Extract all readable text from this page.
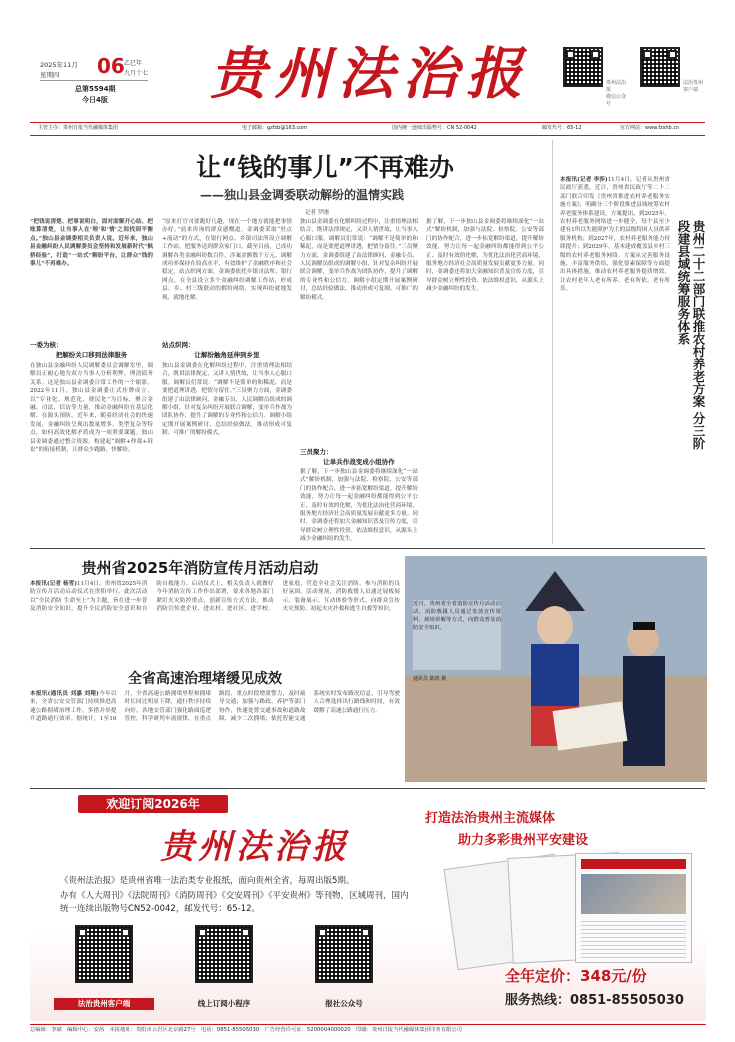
2025年11月
星期四 06 乙巳年
九月十七
总第5594期
今日4版	贵州法治报	贵州法治报
微信公众号
法治贵州
客户端
主管主办：贵州日报当代融媒体集团	电子邮箱：gzfzb@163.com	国内统一连续出版物号：CN 52-0042	邮发代号：65-12	官方网站：www.fzshb.cn
让“钱的事儿”不再难办
——独山县金调委联动解纷的温情实践
记者 罗刚
“把钱说清楚、把事说明白，面对面解开心结、把账算清楚，让当事人在‘理’和‘情’之间找到平衡点。”独山县金调委相关负责人说。近年来，独山县金融纠纷人民调解委员会坚持和发展新时代“枫桥经验”，打造“一站式”解纷平台，让群众“钱的事儿”不再难办。
一委为核：
把解纷关口移到法律服务
在独山县金融纠纷人民调解委员会调解室里，调解员正耐心地为双方当事人分析利弊、理清债务关系。这是独山县金调委日常工作的一个缩影。2022年11月，独山县金调委正式挂牌成立，以“专业化、规范化、便民化”为目标，聚合金融、司法、信访等力量，推动金融纠纷在基层化解、在源头预防。近年来，随着经济社会的快速发展，金融纠纷呈现出数量增多、类型复杂等特点，如何高效化解矛盾成为一项重要课题。独山县金调委通过整合资源，构建起“调解+仲裁+诉讼”的衔接机制，让群众少跑路、快解纷。
“原来打官司要跑好几趟，现在一个地方就能把事情办好。”前来咨询的群众感慨道。金调委采取“驻点+流动”的方式，在银行网点、乡镇司法所设立调解工作站，把服务送到群众家门口。截至目前，已成功调解各类金融纠纷数百件，涉案金额数千万元，调解成功率保持在较高水平，有效维护了金融秩序和社会稳定。站点织网方面，金调委依托乡镇司法所、银行网点，在全县设立多个金融纠纷调解工作站，形成县、乡、村三级联动的解纷网络，实现纠纷就地发现、就地化解。
站点织网：
让解纷触角延伸到乡里
独山县金调委在化解纠纷过程中，注重情理法相结合，既讲法律规定，又讲人情世故，让当事人心服口服。调解员们常说：“调解不是简单的和稀泥，而是要把道理讲透，把情分留住。”三员聚力方面，金调委组建了由法律顾问、金融专员、人民调解员组成的调解小组，针对复杂纠纷开展联合调解，变单兵作战为团队协作，提升了调解的专业性和公信力。调解小组定期开展案例研讨，总结经验做法，推动形成可复制、可推广的解纷模式。
独山县金调委在化解纠纷过程中，注重情理法相结合，既讲法律规定，又讲人情世故，让当事人心服口服。调解员们常说：“调解不是简单的和稀泥，而是要把道理讲透，把情分留住。”三员聚力方面，金调委组建了由法律顾问、金融专员、人民调解员组成的调解小组，针对复杂纠纷开展联合调解，变单兵作战为团队协作，提升了调解的专业性和公信力。调解小组定期开展案例研讨，总结经验做法，推动形成可复制、可推广的解纷模式。
三员聚力：
让单兵作战变成小组协作
据了解，下一步独山县金调委将继续深化“一站式”解纷机制，加强与法院、检察院、公安等部门的协作配合，进一步拓宽解纷渠道，提升解纷效能，努力让每一起金融纠纷都能得到公平公正、及时有效的化解，为优化法治化营商环境、服务地方经济社会高质量发展贡献更多力量。同时，金调委还将加大金融知识普及宣传力度，引导群众树立理性投资、依法维权意识，从源头上减少金融纠纷的发生。
据了解，下一步独山县金调委将继续深化“一站式”解纷机制，加强与法院、检察院、公安等部门的协作配合，进一步拓宽解纷渠道，提升解纷效能，努力让每一起金融纠纷都能得到公平公正、及时有效的化解，为优化法治化营商环境、服务地方经济社会高质量发展贡献更多力量。同时，金调委还将加大金融知识普及宣传力度，引导群众树立理性投资、依法维权意识，从源头上减少金融纠纷的发生。
本报讯(记者 李莎)11月4日，记者从贵州省民政厅获悉，近日，贵州省民政厅等二十二部门联合印发《贵州省推进农村养老服务实施方案》，明确分三个阶段推进县域统筹农村养老服务体系建设。方案提出，到2025年，农村养老服务网络进一步健全，每个县至少建有1所以失能照护为主的县级特困人员供养服务机构；到2027年，农村养老服务能力持续提升；到2029年，基本建成覆盖县乡村三级的农村养老服务网络。方案从完善服务设施、丰富服务供给、强化要素保障等方面提出具体措施，推动农村养老服务提质增效，让农村老年人老有所养、老有所依、老有所乐。	贵州二十二部门联推农村养老方案 分三阶段建县域统筹服务体系
贵州省2025年消防宣传月活动启动
本报讯(记者 杨雪)11月4日，贵州省2025年消防宣传月活动启动仪式在贵阳举行。此次活动以“全民消防 生命至上”为主题，旨在进一步普及消防安全知识，提升全民消防安全意识和自防自救能力。启动仪式上，相关负责人就做好今年消防宣传工作作出部署，要求各地各部门紧盯火灾防控重点，创新宣传方式方法，推动消防宣传进企业、进农村、进社区、进学校、进家庭，营造全社会关注消防、参与消防的良好氛围。活动现场，消防救援人员通过展板展示、装备展示、互动体验等形式，向群众宣传火灾预防、初起火灾扑救和逃生自救等知识。
近日，贵州省全省消防宣传月活动启动，消防救援人员通过发放宣传资料、现场讲解等方式，向群众普及消防安全知识。
通讯员 陈倩 摄
全省高速治理堵缓见成效
本报讯(通讯员 刘嘉 刘翔)今年以来，全省公安交管部门持续推进高速公路拥堵治理工作，多措并举提升道路通行效率。据统计，1至10月，全省高速公路拥堵里程和拥堵时长同比明显下降，通行秩序持续向好。各地交管部门强化路面巡逻管控，科学研判车流规律，在重点路段、重点时段增派警力，及时疏导交通；加强与路政、养护等部门协作，快速处置交通事故和道路故障，减少二次拥堵；依托智能交通系统实时发布路况信息，引导驾驶人合理选择出行路线和时间，有效缓解了高速公路通行压力。
欢迎订阅2026年
贵州法治报
打造法治贵州主流媒体
助力多彩贵州平安建设
《贵州法治报》是贵州省唯一法治类专业报纸，面向贵州全省，每周出版5期。
办有《人大周刊》《法院周刊》《消防周刊》《交安周刊》《平安贵州》等刊物，区域周刊，国内统一连续出版物号CN52-0042，邮发代号：65-12。
法治贵州客户端	线上订阅小程序	报社公众号
全年定价：348元/份
服务热线：0851-85505030
总编辑：李斌　编辑中心：安茜　本报地址：贵阳市云岩区北京路27号　电话：0851-85505030　广告经营许可证：5200004000020　印刷：贵州日报当代融媒体集团印务有限公司
